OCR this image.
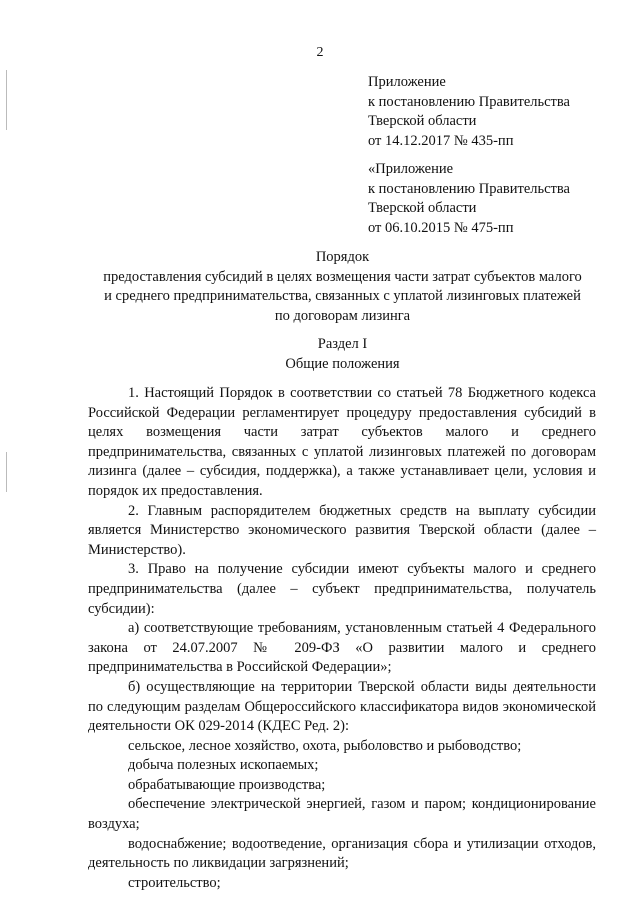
2
Приложение
к постановлению Правительства
Тверской области
от 14.12.2017 № 435-пп
«Приложение
к постановлению Правительства
Тверской области
от 06.10.2015 № 475-пп
Порядок
предоставления субсидий в целях возмещения части затрат субъектов малого
и среднего предпринимательства, связанных с уплатой лизинговых платежей
по договорам лизинга
Раздел I
Общие положения

1. Настоящий Порядок в соответствии со статьей 78 Бюджетного кодекса Российской Федерации регламентирует процедуру предоставления субсидий в целях возмещения части затрат субъектов малого и среднего предпринимательства, связанных с уплатой лизинговых платежей по договорам лизинга (далее – субсидия, поддержка), а также устанавливает цели, условия и порядок их предоставления.

2. Главным распорядителем бюджетных средств на выплату субсидии является Министерство экономического развития Тверской области (далее – Министерство).

3. Право на получение субсидии имеют субъекты малого и среднего предпринимательства (далее – субъект предпринимательства, получатель субсидии):

а) соответствующие требованиям, установленным статьей 4 Федерального закона от 24.07.2007 № 209-ФЗ «О развитии малого и среднего предпринимательства в Российской Федерации»;

б) осуществляющие на территории Тверской области виды деятельности по следующим разделам Общероссийского классификатора видов экономической деятельности ОК 029-2014 (КДЕС Ред. 2):

сельское, лесное хозяйство, охота, рыболовство и рыбоводство;

добыча полезных ископаемых;

обрабатывающие производства;

обеспечение электрической энергией, газом и паром; кондиционирование воздуха;

водоснабжение; водоотведение, организация сбора и утилизации отходов, деятельность по ликвидации загрязнений;

строительство;
